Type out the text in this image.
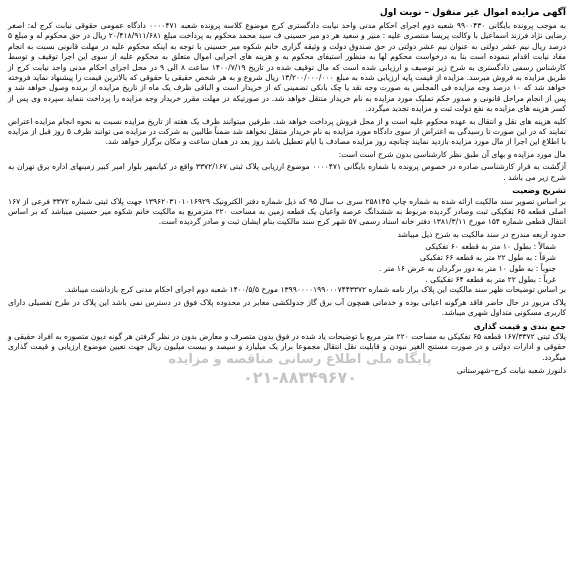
آگهی مزایده اموال غیر منقول – نوبت اول

به موجب پرونده بایگانی ۹۹۰۰۴۳۰ شعبه دوم اجرای احکام مدنی واحد نیابت دادگستری کرج موضوع کلاسه پرونده شعبه ۰۰۰۰۴۷۱ دادگاه عمومی حقوقی نیابت کرج له: اصغر رضایی نژاد فرزند اسماعیل با وکالت پریسا منتصری علیه : منیر و سعید هر دو میر حسینی ف سید محمد محکوم به پرداخت مبلغ ۲۰/۴۱۸/۹۱۱/۶۸۱ ریال در حق محکوم له و مبلغ ۵ درصد ریال نیم عشر دولتی به عنوان نیم عشر دولتی در حق صندوق دولت و وثیقه گزاری خانم شکوه میر حسینی با توجه به اینکه محکوم علیه در مهلت قانونی نسبت به انجام مفاد نیابت اقدام ننموده است بنا به درخواست محکوم لها به منظور استیفای محکوم به و هزینه های اجرایی اموال متعلق به محکوم علیه از سوی این اجرا توقیف و توسط کارشناس رسمی دادگستری به شرح زیر توصیف و ارزیابی شده است که مال توقیف شده در تاریخ ۱۴۰۰/۷/۱۹ ساعت ۸ الی ۹ در محل اجرای احکام مدنی واحد نیابت کرج از طریق مزایده به فروش میرسد. مزایده از قیمت پایه ارزیابی شده به مبلغ ۱۳/۲۰۰/۰۰۰/۰۰۰ ریال شروع و به هر شخص حقیقی یا حقوقی که بالاترین قیمت را پیشنهاد نماید فروخته خواهد شد که ۱۰ درصد وجه مزایده فی المجلس به صورت وجه نقد یا چک بانکی تضمینی که از خریدار است و الباقی ظرف یک ماه از تاریخ مزایده از برنده وصول خواهد شد و پس از انجام مراحل قانونی و صدور حکم تملیک مورد مزایده به نام خریدار منتقل خواهد شد. در صورتیکه در مهلت مقرر خریدار وجه مزایده را پرداخت ننماید سپرده وی پس از کسر هزینه های مزایده به نفع دولت ثبت و مزایده تجدید میگردد.

کلیه هزینه های نقل و انتقال به عهده محکوم علیه است و از محل فروش پرداخت خواهد شد. طرفین میتوانند ظرف یک هفته از تاریخ مزایده نسبت به نحوه انجام مزایده اعتراض نمایند که در این صورت تا رسیدگی به اعتراض از سوی دادگاه مورد مزایده به نام خریدار منتقل نخواهد شد ضمناً طالبین به شرکت در مزایده می توانند ظرف ۵ روز قبل از مزایده با اطلاع این اجرا از مال مورد مزایده بازدید نمایند چنانچه روز مزایده مصادف با ایام تعطیل باشد روز بعد در همان ساعت و مکان برگزار خواهد شد.

مال مورد مزایده و بهای آن طبق نظر کارشناسی بدون شرح است است:

آزگشت به قرار کارشناسی صادره در خصوص پرونده با شماره بایگانی ۰۰۰۰۴۷۱ موضوع ارزیابی پلاک ثبتی ۳۳۷۲/۱۶۷ واقع در کیانمهر بلوار امیر کبیر زمینهای اداره برق تهران به شرح زیر می باشد .

تشریح وضعیت

بر اساس تصویر سند مالکیت ارائه شده به شماره چاپ ۲۵۸۱۴۵ سری ب سال ۹۵ که ذیل شماره دفتر الکترونیک ۱۳۹۶۲۰۳۱۰۱۰۱۶۹۲۹ جهت پلاک ثبتی شماره ۳۳۷۲ فرعی از ۱۶۷ اصلی قطعه ۶۵ تفکیکی ثبت وصادر گردیده مربوط به ششدانگ عرصه واعیان یک قطعه زمین به مساحت ۲۲۰ مترمربع به مالکیت خانم شکوه میر حسینی میباشد که بر اساس انتقال قطعی شماره ۱۵۴ مورخ ۱۳۸۱/۳/۱۱ دفتر خانه اسناد رسمی ۵۷ شهر کرج سند مالکیت بنام ایشان ثبت و صادر گردیده است.

حدود اربعه مندرج در سند مالکیت به شرح ذیل میباشد

شمالاً : بطول ۱۰ متر به قطعه ۶۰ تفکیکی
شرقاً : به طول ۲۲ متر به قطعه ۶۶ تفکیکی
جنوباً : به طول ۱۰ متر به دور برگردان به عرض ۱۶ متر .
غرباً : بطول ۲۲ متر به قطعه ۶۴ تفکیکی .

بر اساس توضیحات ظهر سند مالکیت این پلاک برار نامه شماره ۱۳۹۹۰۰۰۰۱۹۹۰۰۰۷۴۴۳۳۷۲ مورخ ۱۴۰۰/۵/۵ شعبه دوم اجرای احکام مدنی کرج بازداشت میباشد.

پلاک مزبور در حال حاضر فاقد هرگونه اعیانی بوده و خدماتی همچون آب برق گاز جدولکشی معابر در محدوده پلاک فوق در دسترس نمی باشد این پلاک در طرح تفصیلی دارای کاربری مسکونی متداول شهری میباشد.

جمع بندی و قیمت گذاری

پلاک ثبتی ۱۶۷/۳۳۷۲ قطعه ۶۵ تفکیکی به مساحت ۲۲۰ متر مربع با توضیحات یاد شده در فوق بدون متصرف و معارض بدون در نظر گرفتن هر گونه دیون متصوره به افراد حقیقی و حقوقی و ادارات دولتی و در صورت مستنج الغیر نبودن و قابلیت نقل انتقال مجموعا برار یک میلیارد و سیصد و بیست میلیون ریال جهت تعیین موضوع ارزیابی و قیمت گذاری میگردد.

دلنورز شعبه نیابت کرج–شهرستانی
پایگاه ملی اطلاع رسانی مناقصه و مزایده
۰۲۱-۸۸۳۴۹۶۷۰
